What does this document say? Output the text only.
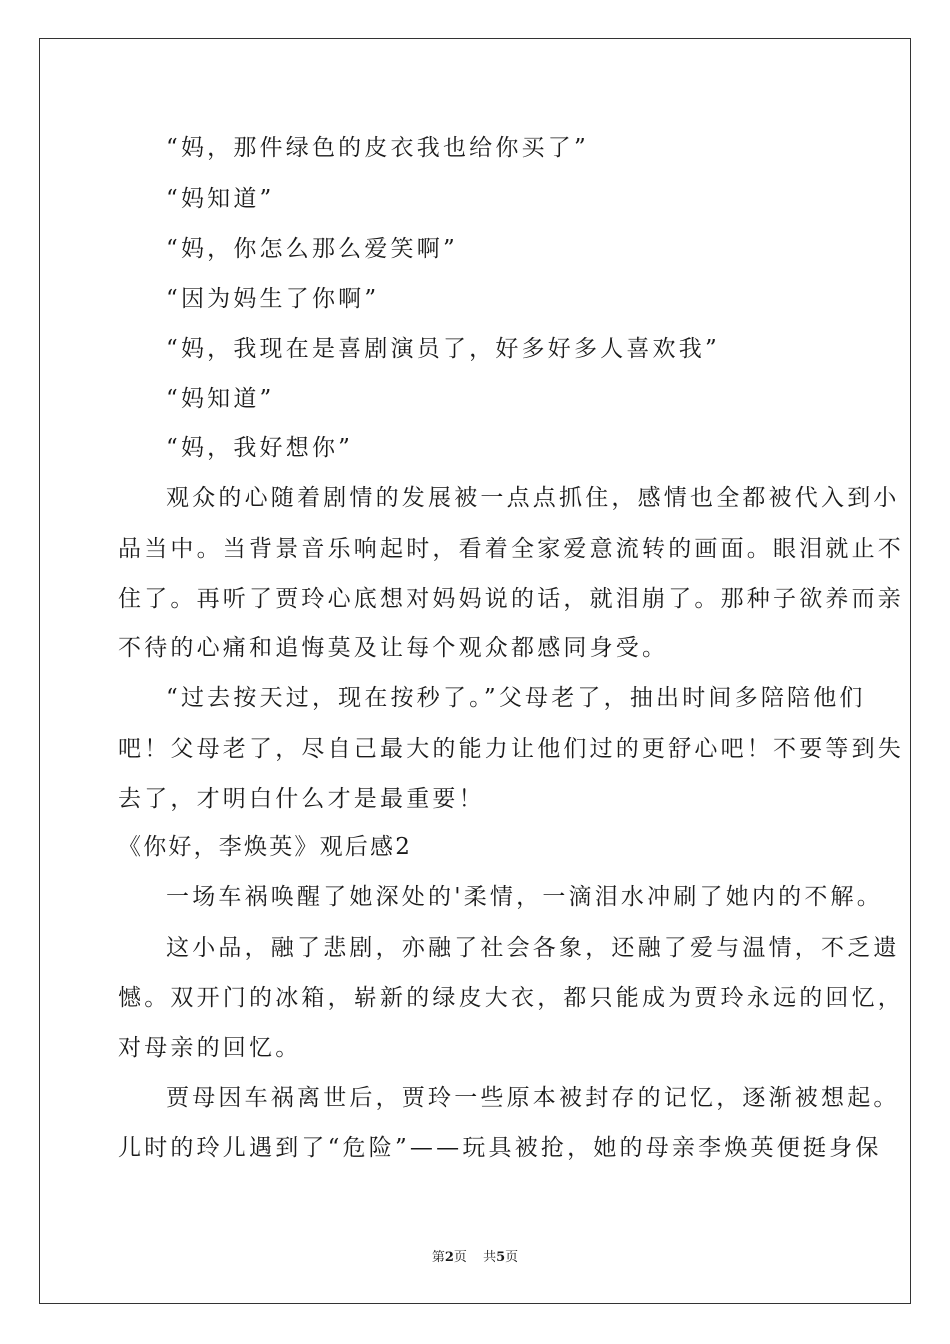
“妈，那件绿色的皮衣我也给你买了”
“妈知道”
“妈，你怎么那么爱笑啊”
“因为妈生了你啊”
“妈，我现在是喜剧演员了，好多好多人喜欢我”
“妈知道”
“妈，我好想你”
观众的心随着剧情的发展被一点点抓住，感情也全都被代入到小
品当中。当背景音乐响起时，看着全家爱意流转的画面。眼泪就止不
住了。再听了贾玲心底想对妈妈说的话，就泪崩了。那种子欲养而亲
不待的心痛和追悔莫及让每个观众都感同身受。
“过去按天过，现在按秒了。”父母老了，抽出时间多陪陪他们
吧！父母老了，尽自己最大的能力让他们过的更舒心吧！不要等到失
去了，才明白什么才是最重要！
《你好，李焕英》观后感2
一场车祸唤醒了她深处的'柔情，一滴泪水冲刷了她内的不解。
这小品，融了悲剧，亦融了社会各象，还融了爱与温情，不乏遗
憾。双开门的冰箱，崭新的绿皮大衣，都只能成为贾玲永远的回忆，
对母亲的回忆。
贾母因车祸离世后，贾玲一些原本被封存的记忆，逐渐被想起。
儿时的玲儿遇到了“危险”——玩具被抢，她的母亲李焕英便挺身保
第2页 共5页
